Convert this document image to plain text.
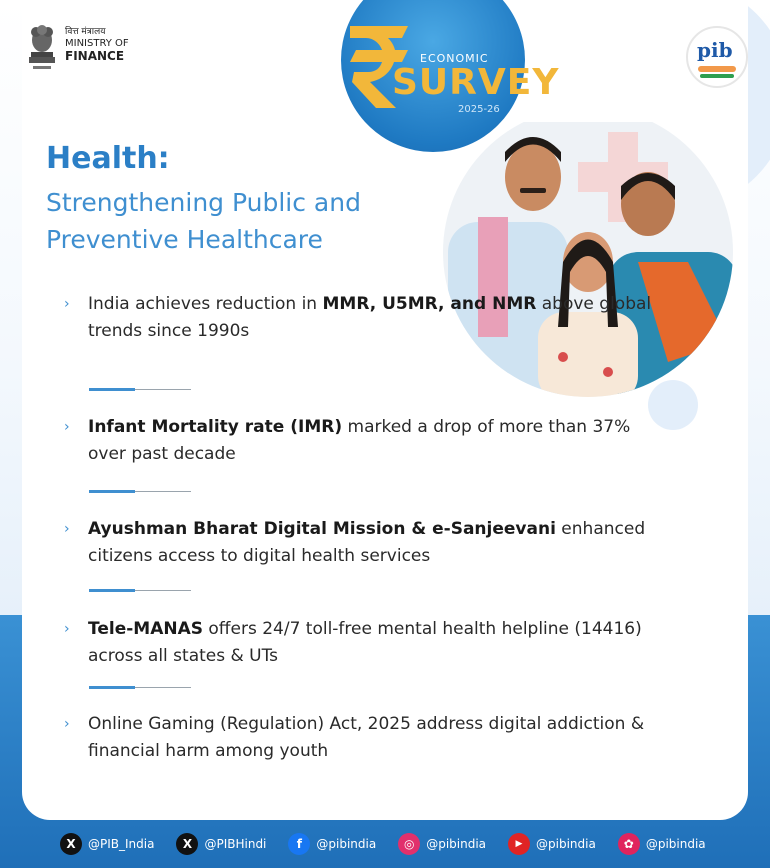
वित्त मंत्रालय
MINISTRY OF
FINANCE	ECONOMIC
SURVEY
2025-26
pib
Health:
Strengthening Public and Preventive Healthcare
›	India achieves reduction in MMR, U5MR, and NMR above global trends since 1990s
›	Infant Mortality rate (IMR) marked a drop of more than 37% over past decade
›	Ayushman Bharat Digital Mission & e-Sanjeevani enhanced citizens access to digital health services
›	Tele-MANAS offers 24/7 toll-free mental health helpline (14416) across all states & UTs
›	Online Gaming (Regulation) Act, 2025 address digital addiction & financial harm among youth
X	@PIB_India	X	@PIBHindi	f	@pibindia	◎ @pibindia	▶	@pibindia	✿ @pibindia
